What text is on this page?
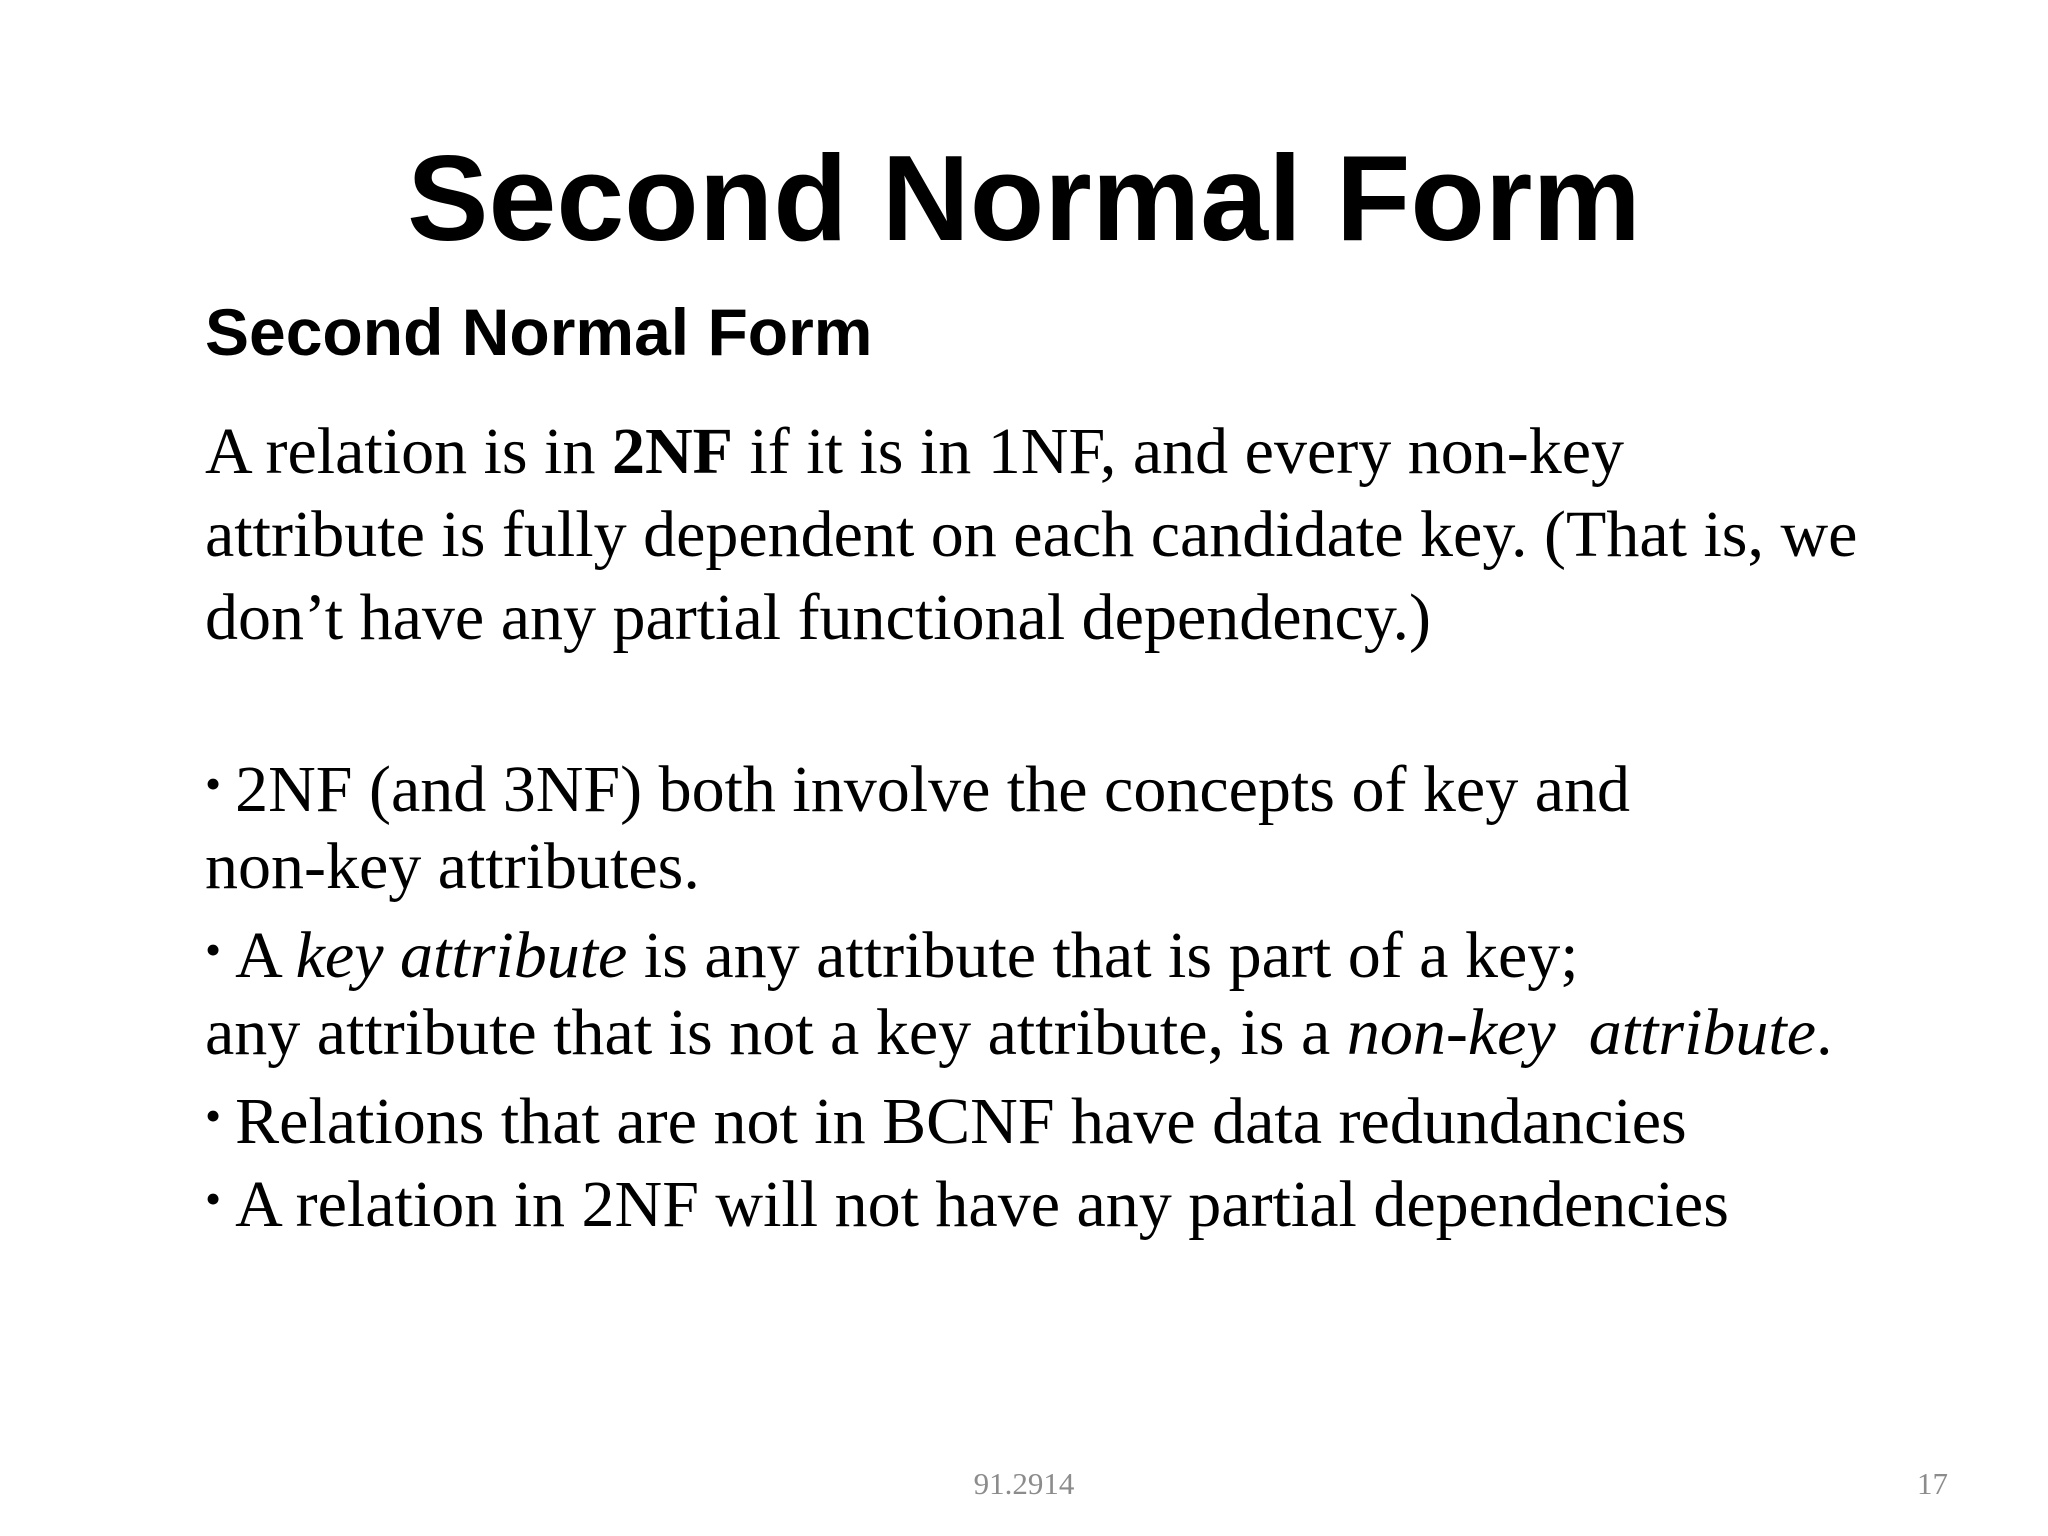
Second Normal Form
Second Normal Form
A relation is in 2NF if it is in 1NF, and every non-key
attribute is fully dependent on each candidate key. (That is, we
don’t have any partial functional dependency.)
• 2NF (and 3NF) both involve the concepts of key and
non-key attributes.
• A key attribute is any attribute that is part of a key;
any attribute that is not a key attribute, is a non-key  attribute.
• Relations that are not in BCNF have data redundancies
• A relation in 2NF will not have any partial dependencies
91.2914	17
